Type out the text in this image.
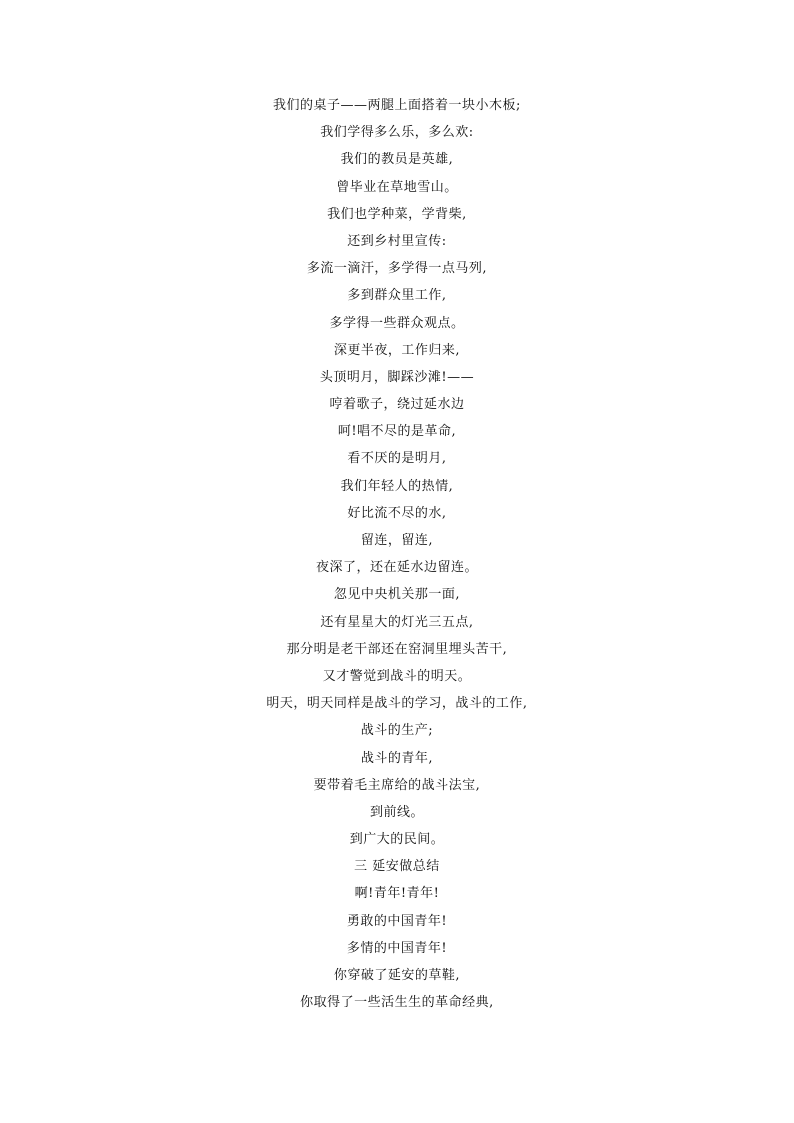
我们的桌子——两腿上面搭着一块小木板;
我们学得多么乐，多么欢:
我们的教员是英雄,
曾毕业在草地雪山。
我们也学种菜，学背柴,
还到乡村里宣传:
多流一滴汗，多学得一点马列,
多到群众里工作,
多学得一些群众观点。
深更半夜，工作归来,
头顶明月，脚踩沙滩!——
哼着歌子，绕过延水边
呵!唱不尽的是革命,
看不厌的是明月,
我们年轻人的热情,
好比流不尽的水,
留连，留连,
夜深了，还在延水边留连。
忽见中央机关那一面,
还有星星大的灯光三五点,
那分明是老干部还在窑洞里埋头苦干,
又才警觉到战斗的明天。
明天，明天同样是战斗的学习，战斗的工作,
战斗的生产;
战斗的青年,
要带着毛主席给的战斗法宝,
到前线。
到广大的民间。
三 延安做总结
啊!青年!青年!
勇敢的中国青年!
多情的中国青年!
你穿破了延安的草鞋,
你取得了一些活生生的革命经典,
